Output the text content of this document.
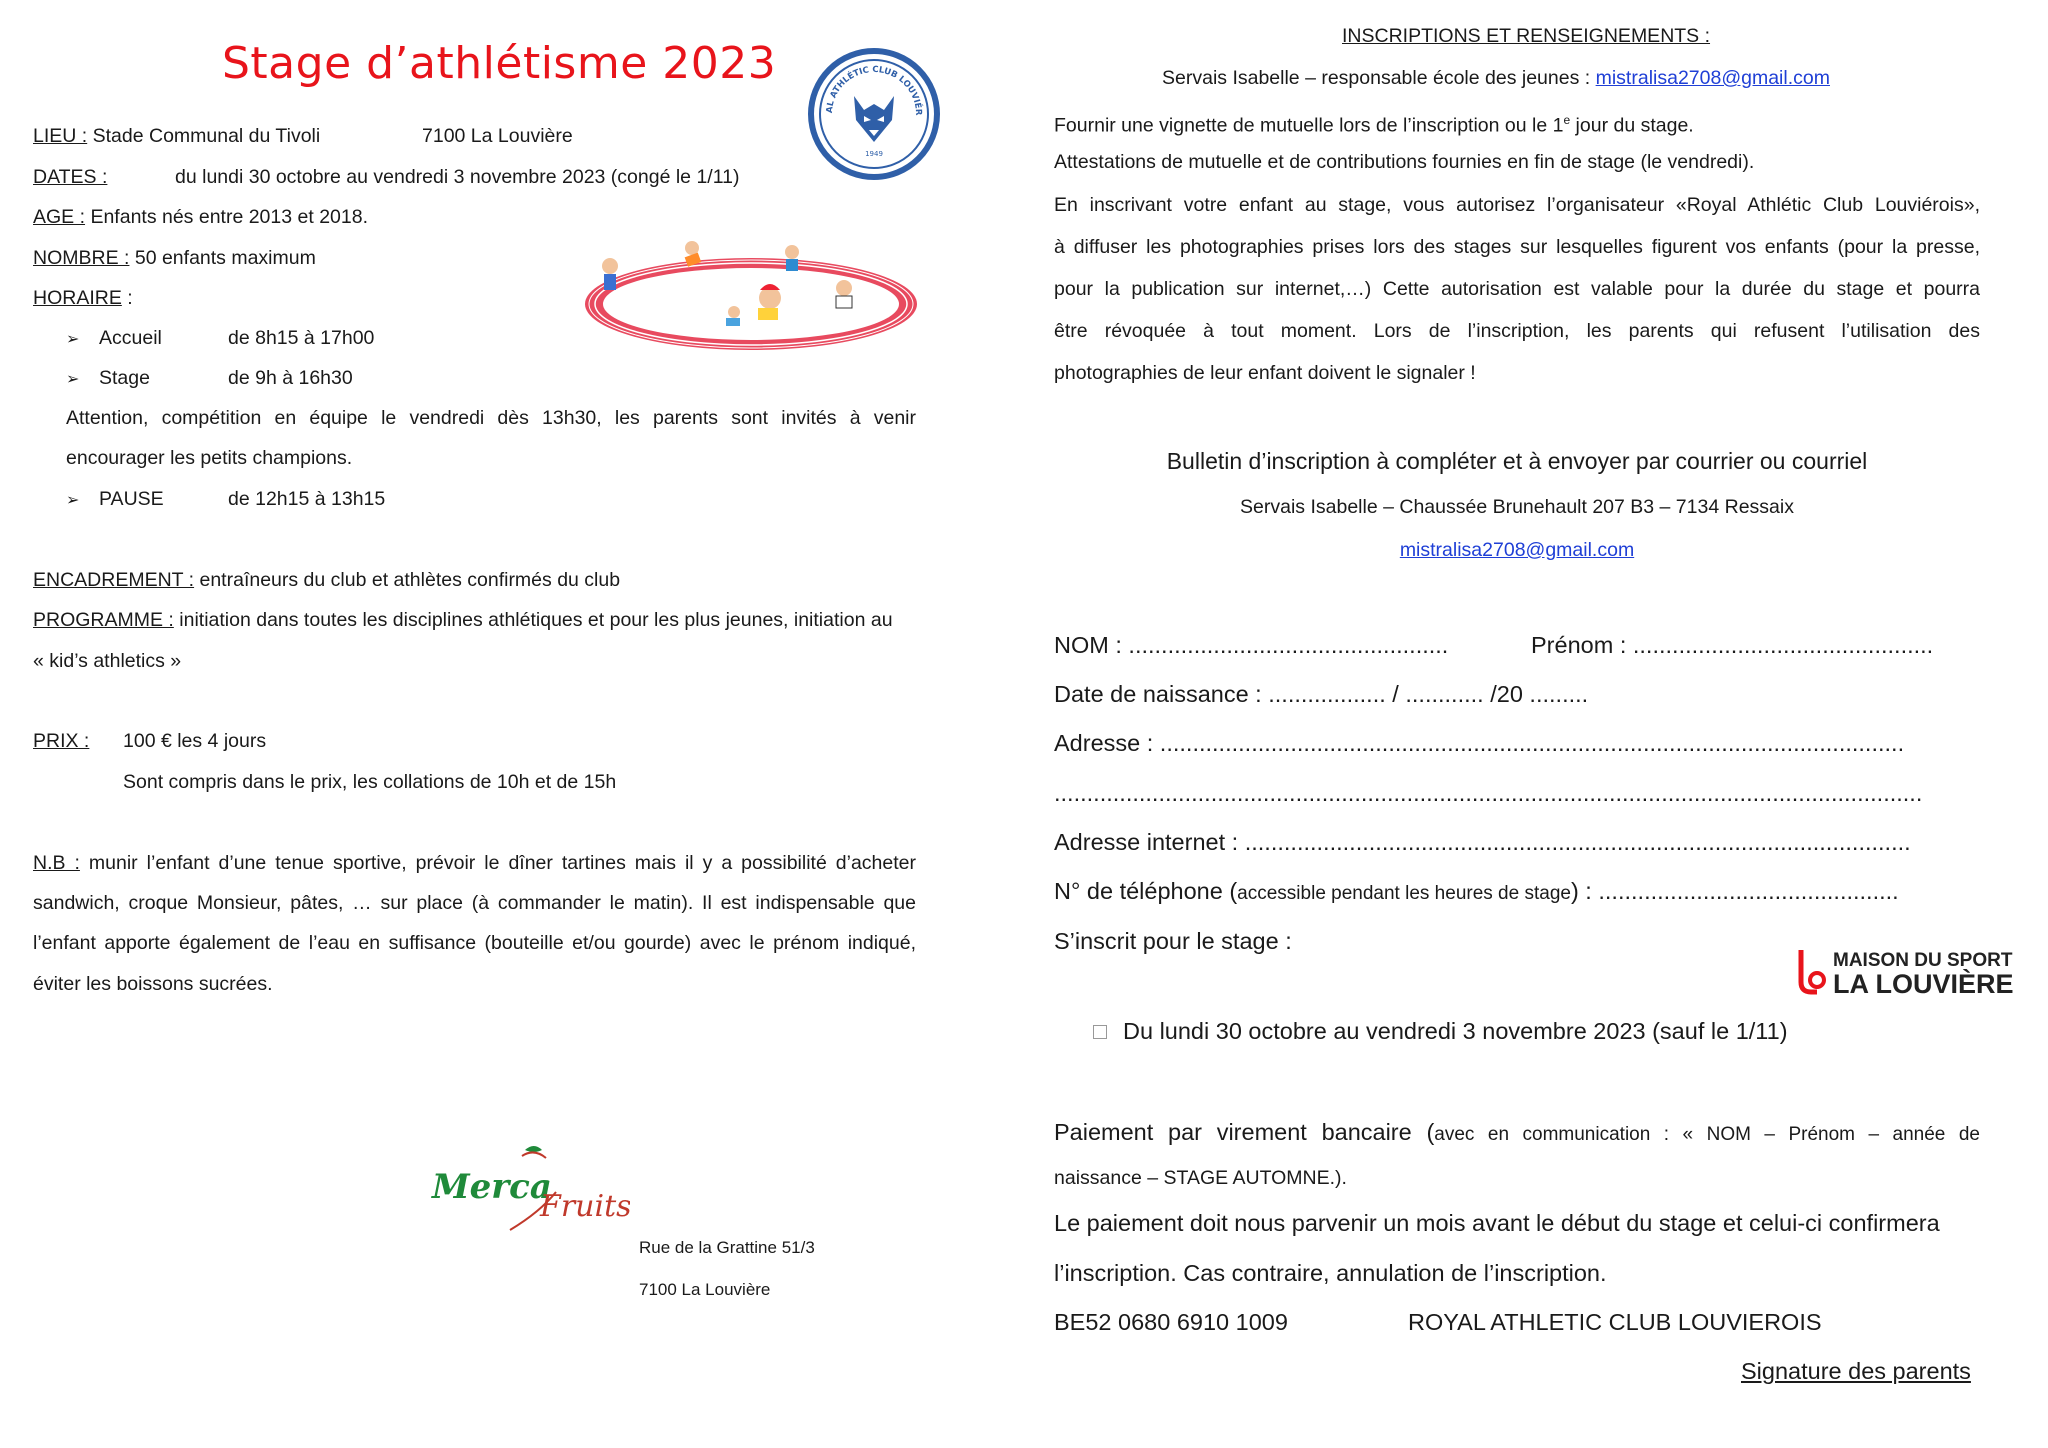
Stage d’athlétisme 2023
AL ATHLÉTIC CLUB LOUVIÉR
1949
LIEU : Stade Communal du Tivoli	7100 La Louvière
DATES :	du lundi 30 octobre au vendredi 3 novembre 2023 (congé le 1/11)
AGE : Enfants nés entre 2013 et 2018.
NOMBRE : 50 enfants maximum
HORAIRE :
➢ Accueil	de 8h15 à 17h00
➢ Stage	de 9h à 16h30
Attention, compétition en équipe le vendredi dès 13h30, les parents sont invités à venir
encourager les petits champions.
➢ PAUSE	de 12h15 à 13h15
ENCADREMENT : entraîneurs du club et athlètes confirmés du club
PROGRAMME : initiation dans toutes les disciplines athlétiques et pour les plus jeunes, initiation au
« kid’s athletics »
PRIX : 100 € les 4 jours
Sont compris dans le prix, les collations de 10h et de 15h
N.B : munir l’enfant d’une tenue sportive, prévoir le dîner tartines mais il y a possibilité d’acheter
sandwich, croque Monsieur, pâtes, … sur place (à commander le matin). Il est indispensable que
l’enfant apporte également de l’eau en suffisance (bouteille et/ou gourde) avec le prénom indiqué,
éviter les boissons sucrées.
Merca
Fruits
Rue de la Grattine 51/3
7100 La Louvière
INSCRIPTIONS ET RENSEIGNEMENTS :
Servais Isabelle – responsable école des jeunes : mistralisa2708@gmail.com
Fournir une vignette de mutuelle lors de l’inscription ou le 1e jour du stage.
Attestations de mutuelle et de contributions fournies en fin de stage (le vendredi).
En inscrivant votre enfant au stage, vous autorisez l’organisateur «Royal Athlétic Club Louviérois»,
à diffuser les photographies prises lors des stages sur lesquelles figurent vos enfants (pour la presse,
pour la publication sur internet,…) Cette autorisation est valable pour la durée du stage et pourra
être révoquée à tout moment. Lors de l’inscription, les parents qui refusent l’utilisation des
photographies de leur enfant doivent le signaler !
Bulletin d’inscription à compléter et à envoyer par courrier ou courriel
Servais Isabelle – Chaussée Brunehault 207 B3 – 7134 Ressaix
mistralisa2708@gmail.com
NOM : .................................................	Prénom : ..............................................
Date de naissance : .................. / ............ /20 .........
Adresse : ..................................................................................................................
.....................................................................................................................................
Adresse internet : ......................................................................................................
N° de téléphone (accessible pendant les heures de stage) : ..............................................
S’inscrit pour le stage :
MAISON DU SPORT
LA LOUVIÈRE
Du lundi 30 octobre au vendredi 3 novembre 2023 (sauf le 1/11)
Paiement par virement bancaire (avec en communication : « NOM – Prénom – année de
naissance – STAGE AUTOMNE.).
Le paiement doit nous parvenir un mois avant le début du stage et celui-ci confirmera
l’inscription. Cas contraire, annulation de l’inscription.
BE52 0680 6910 1009	ROYAL ATHLETIC CLUB LOUVIEROIS
Signature des parents
